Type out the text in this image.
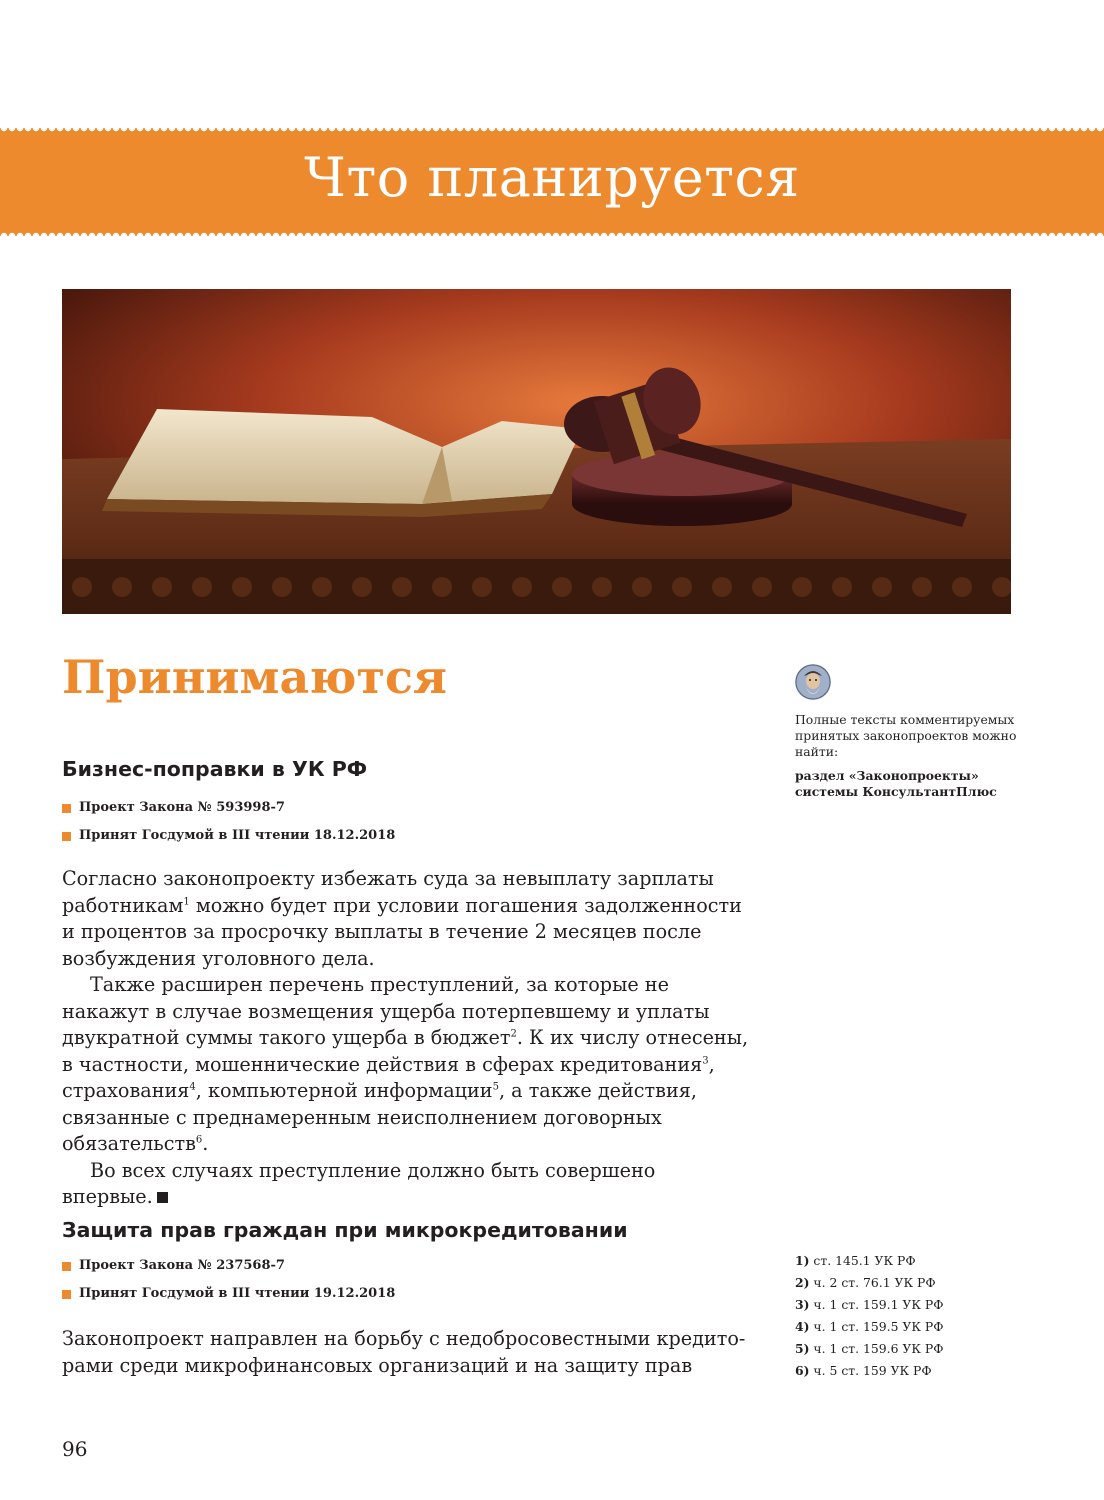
Что планируется
Принимаются
Бизнес-поправки в УК РФ
Проект Закона № 593998-7
Принят Госдумой в III чтении 18.12.2018

Согласно законопроекту избежать суда за невыплату зарплаты работникам$^1$ можно будет при условии погашения задолженности и процентов за просрочку выплаты в течение 2 месяцев после возбуждения уголовного дела.

Также расширен перечень преступлений, за которые не накажут в случае возмещения ущерба потерпевшему и уплаты двукратной суммы такого ущерба в бюджет$^2$. К их числу отнесены, в частности, мошеннические действия в сферах кредитования$^3$, страхования$^4$, компьютерной информации$^5$, а также действия, связанные с преднамеренным неисполнением договорных обязательств$^6$.

Во всех случаях преступление должно быть совершено впервые.

Защита прав граждан при микрокредитовании
Проект Закона № 237568-7
Принят Госдумой в III чтении 19.12.2018

Законопроект направлен на борьбу с недобросовестными кредиторами среди микрофинансовых организаций и на защиту прав

Полные тексты комментируемых принятых законопроектов можно найти:

раздел «Законопроекты» системы КонсультантПлюс

1) ст. 145.1 УК РФ
2) ч. 2 ст. 76.1 УК РФ
3) ч. 1 ст. 159.1 УК РФ
4) ч. 1 ст. 159.5 УК РФ
5) ч. 1 ст. 159.6 УК РФ
6) ч. 5 ст. 159 УК РФ
96
